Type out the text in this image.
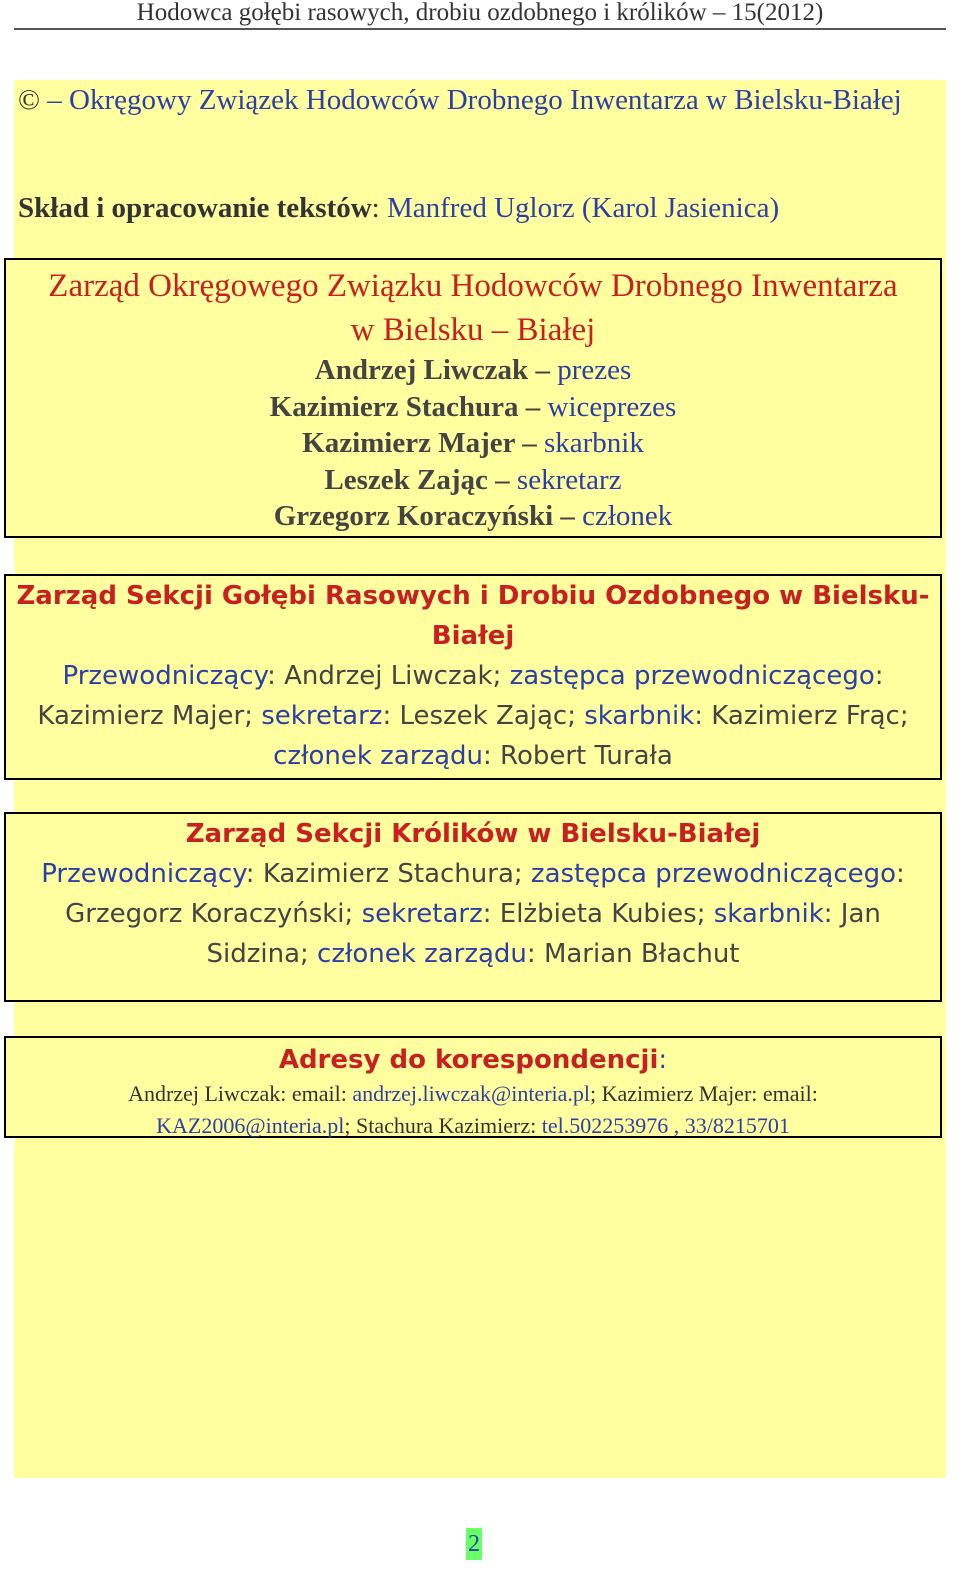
Hodowca gołębi rasowych, drobiu ozdobnego i królików – 15(2012)
© – Okręgowy Związek Hodowców Drobnego Inwentarza w Bielsku-Białej
Skład i opracowanie tekstów: Manfred Uglorz (Karol Jasienica)
Zarząd Okręgowego Związku Hodowców Drobnego Inwentarza w Bielsku – Białej
Andrzej Liwczak – prezes
Kazimierz Stachura – wiceprezes
Kazimierz Majer – skarbnik
Leszek Zając – sekretarz
Grzegorz Koraczyński – członek
Zarząd Sekcji Gołębi Rasowych i Drobiu Ozdobnego w Bielsku-Białej
Przewodniczący: Andrzej Liwczak; zastępca przewodniczącego: Kazimierz Majer; sekretarz: Leszek Zając; skarbnik: Kazimierz Frąc; członek zarządu: Robert Turała
Zarząd Sekcji Królików w Bielsku-Białej
Przewodniczący: Kazimierz Stachura; zastępca przewodniczącego: Grzegorz Koraczyński; sekretarz: Elżbieta Kubies; skarbnik: Jan Sidzina; członek zarządu: Marian Błachut
Adresy do korespondencji:
Andrzej Liwczak: email: andrzej.liwczak@interia.pl; Kazimierz Majer: email:
KAZ2006@interia.pl; Stachura Kazimierz: tel.502253976 , 33/8215701
2
